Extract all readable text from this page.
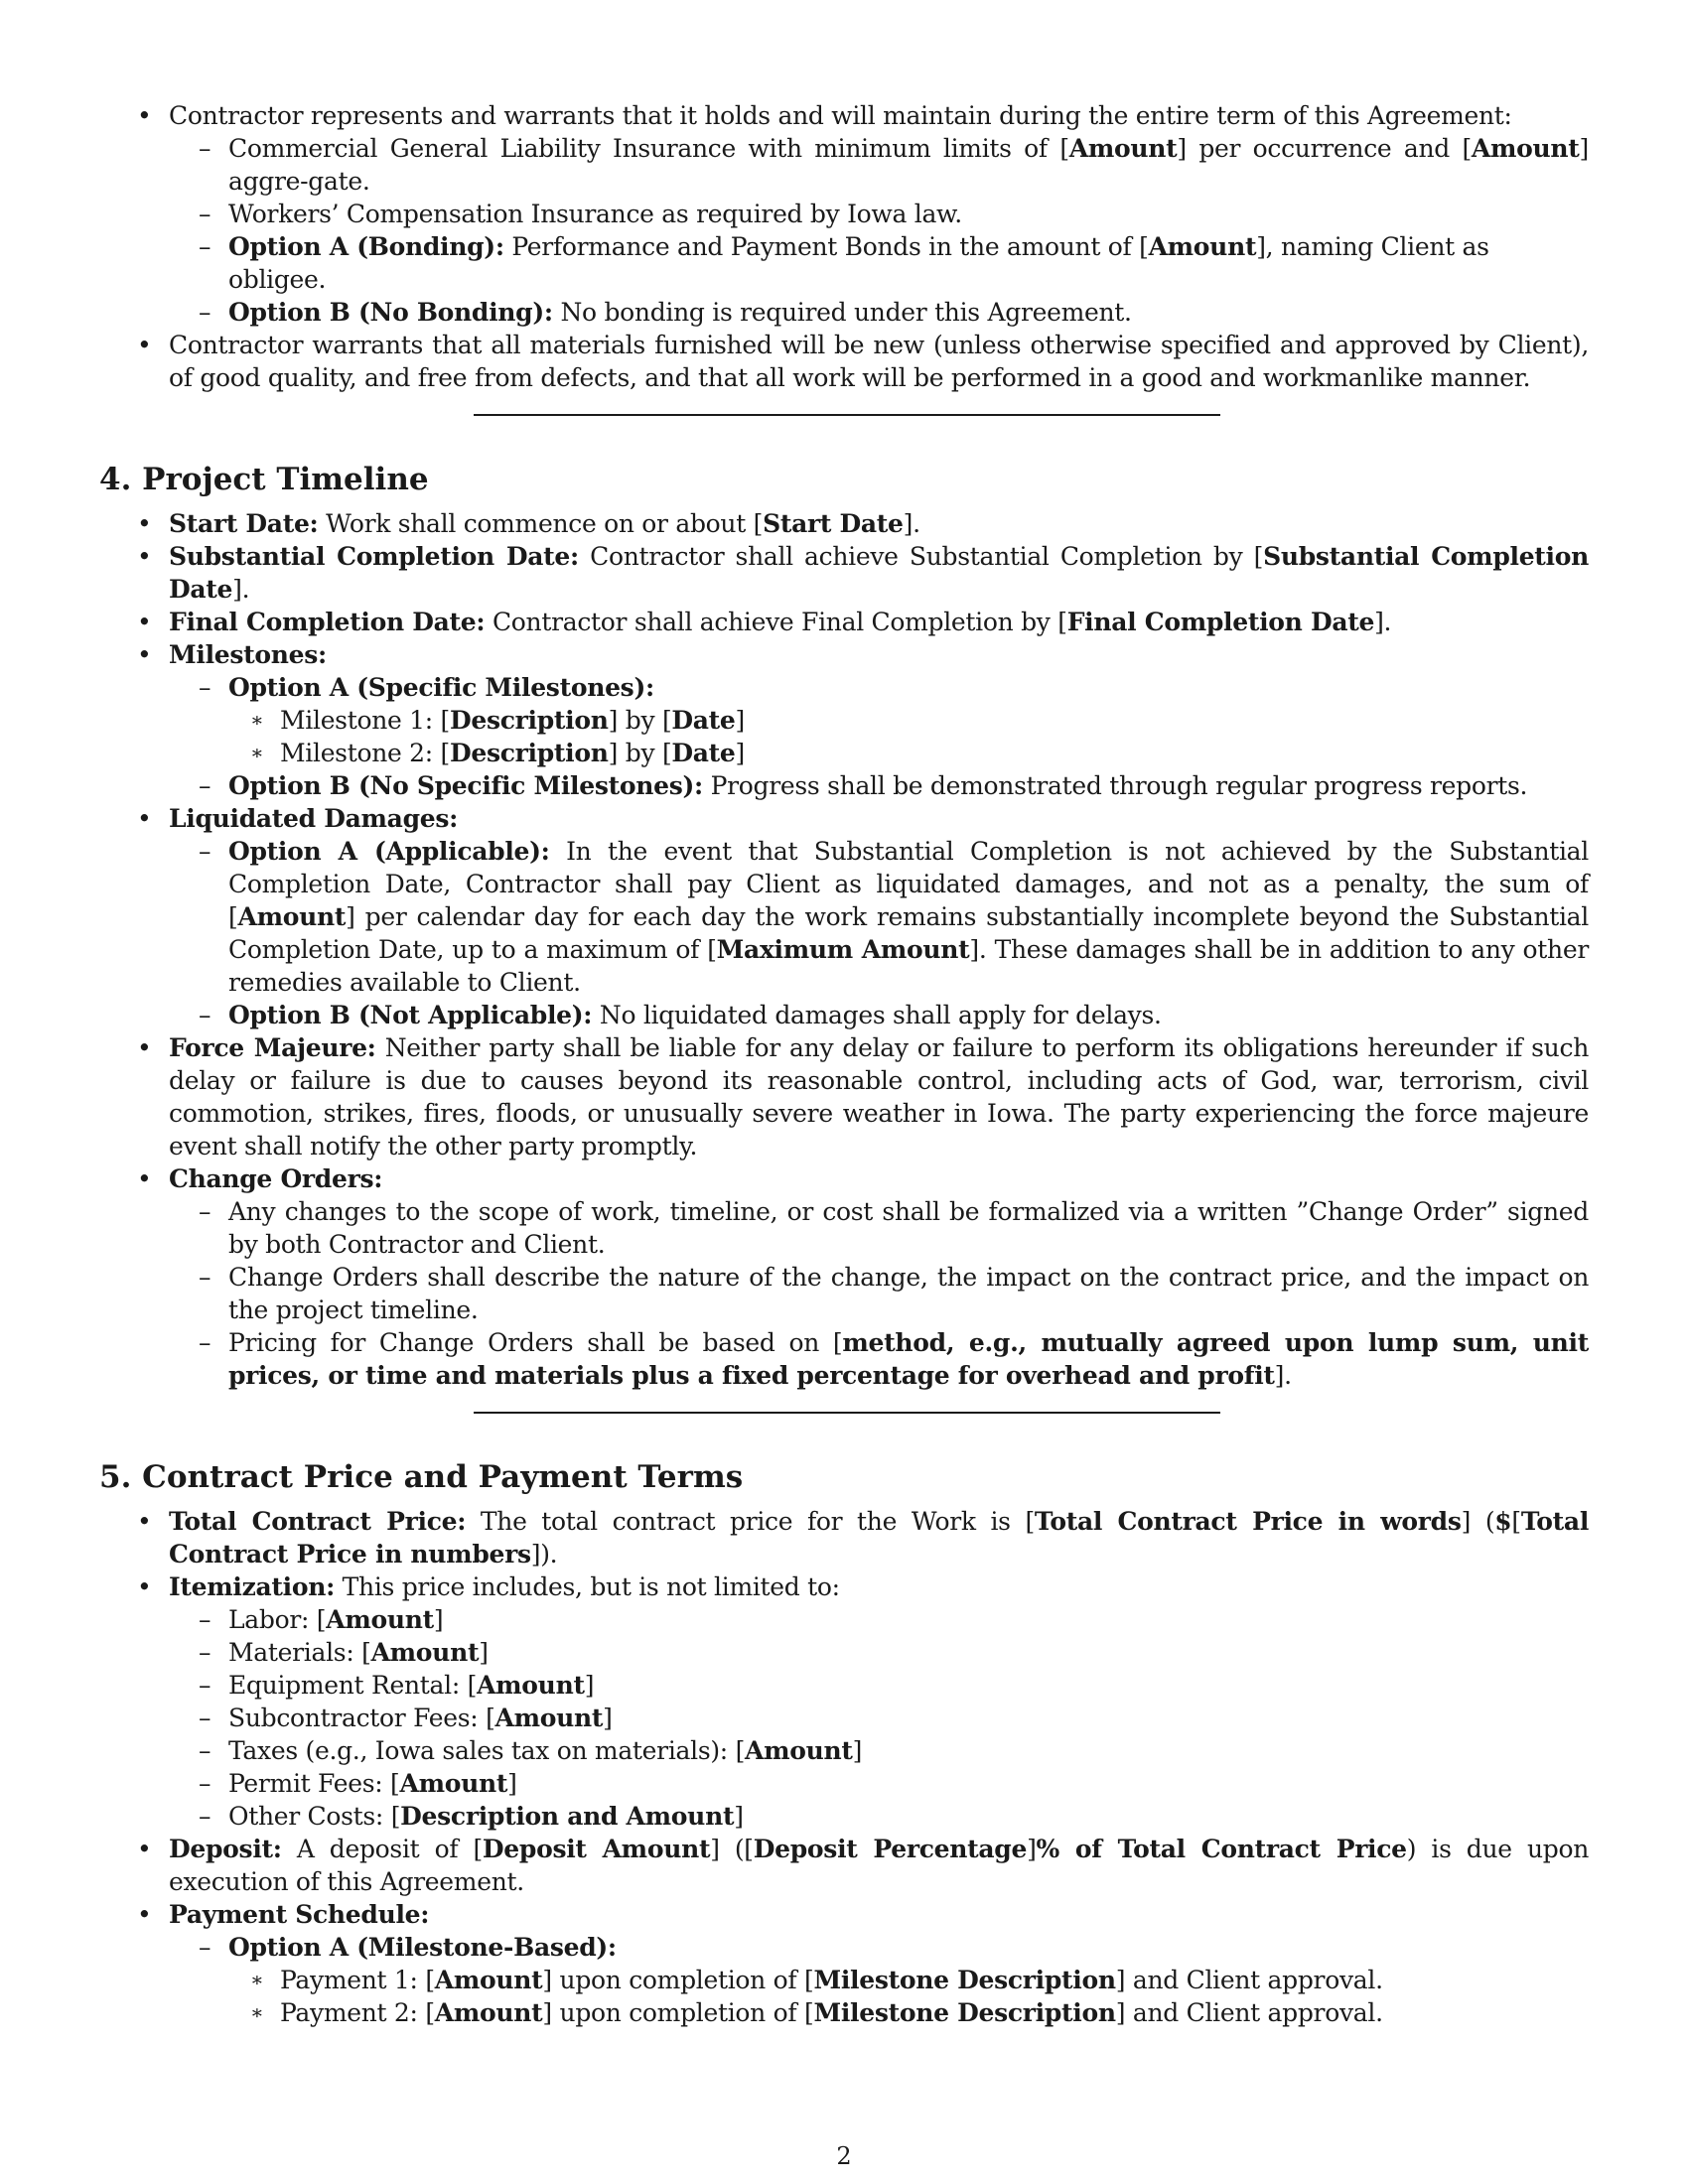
• Contractor represents and warrants that it holds and will maintain during the entire term of this Agreement:
– Commercial General Liability Insurance with minimum limits of [Amount] per occurrence and [Amount] aggre-gate.
– Workers’ Compensation Insurance as required by Iowa law.
– Option A (Bonding): Performance and Payment Bonds in the amount of [Amount], naming Client as obligee.
– Option B (No Bonding): No bonding is required under this Agreement.
• Contractor warrants that all materials furnished will be new (unless otherwise specified and approved by Client), of good quality, and free from defects, and that all work will be performed in a good and workmanlike manner.
4. Project Timeline
• Start Date: Work shall commence on or about [Start Date].
• Substantial Completion Date: Contractor shall achieve Substantial Completion by [Substantial Completion Date].
• Final Completion Date: Contractor shall achieve Final Completion by [Final Completion Date].
• Milestones:
– Option A (Specific Milestones):
∗ Milestone 1: [Description] by [Date]
∗ Milestone 2: [Description] by [Date]
– Option B (No Specific Milestones): Progress shall be demonstrated through regular progress reports.
• Liquidated Damages:
– Option A (Applicable): In the event that Substantial Completion is not achieved by the Substantial Completion Date, Contractor shall pay Client as liquidated damages, and not as a penalty, the sum of [Amount] per calendar day for each day the work remains substantially incomplete beyond the Substantial Completion Date, up to a maximum of [Maximum Amount]. These damages shall be in addition to any other remedies available to Client.
– Option B (Not Applicable): No liquidated damages shall apply for delays.
• Force Majeure: Neither party shall be liable for any delay or failure to perform its obligations hereunder if such delay or failure is due to causes beyond its reasonable control, including acts of God, war, terrorism, civil commotion, strikes, fires, floods, or unusually severe weather in Iowa. The party experiencing the force majeure event shall notify the other party promptly.
• Change Orders:
– Any changes to the scope of work, timeline, or cost shall be formalized via a written ”Change Order” signed by both Contractor and Client.
– Change Orders shall describe the nature of the change, the impact on the contract price, and the impact on the project timeline.
– Pricing for Change Orders shall be based on [method, e.g., mutually agreed upon lump sum, unit prices, or time and materials plus a fixed percentage for overhead and profit].
5. Contract Price and Payment Terms
• Total Contract Price: The total contract price for the Work is [Total Contract Price in words] ($[Total Contract Price in numbers]).
• Itemization: This price includes, but is not limited to:
– Labor: [Amount]
– Materials: [Amount]
– Equipment Rental: [Amount]
– Subcontractor Fees: [Amount]
– Taxes (e.g., Iowa sales tax on materials): [Amount]
– Permit Fees: [Amount]
– Other Costs: [Description and Amount]
• Deposit: A deposit of [Deposit Amount] ([Deposit Percentage]% of Total Contract Price) is due upon execution of this Agreement.
• Payment Schedule:
– Option A (Milestone-Based):
∗ Payment 1: [Amount] upon completion of [Milestone Description] and Client approval.
∗ Payment 2: [Amount] upon completion of [Milestone Description] and Client approval.
2
